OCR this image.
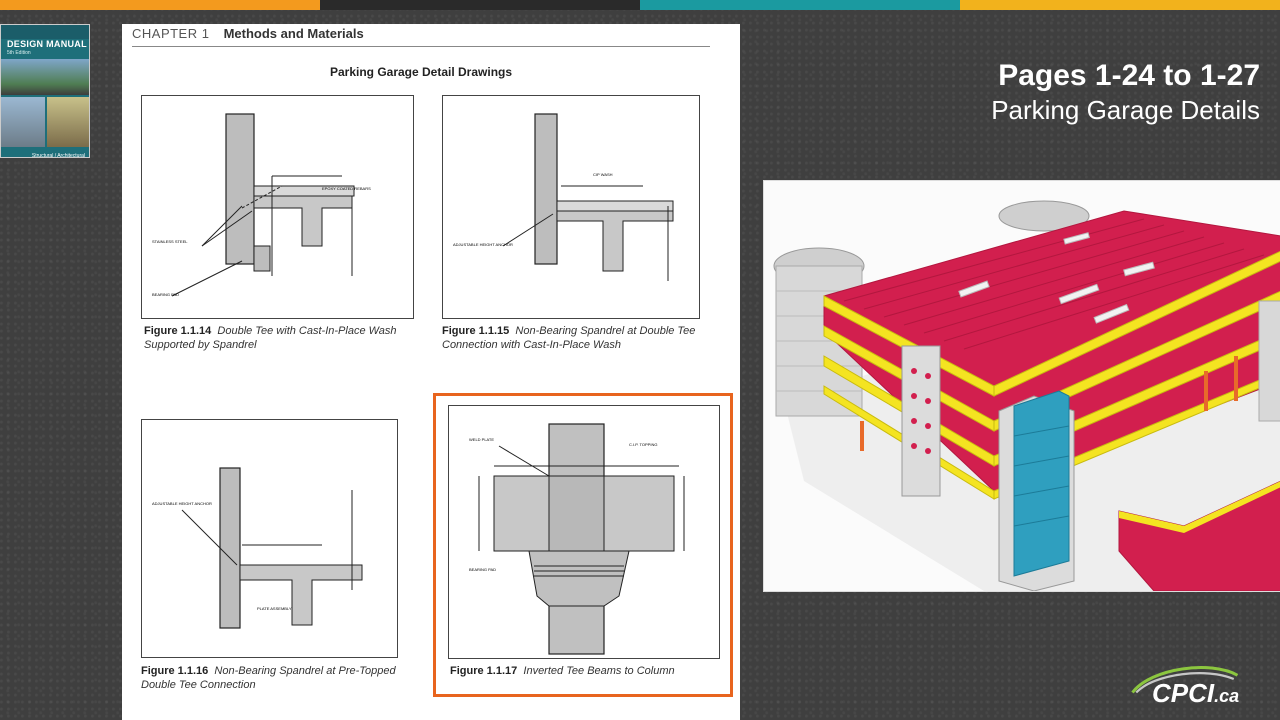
DESIGN MANUAL
5th Edition
Structural / Architectural
CHAPTER 1 Methods and Materials
Parking Garage Detail Drawings
STAINLESS STEEL
BEARING PAD
EPOXY COATED REBARS
Figure 1.1.14 Double Tee with Cast-In-Place Wash Supported by Spandrel
ADJUSTABLE HEIGHT ANCHOR
CIP WASH
Figure 1.1.15 Non-Bearing Spandrel at Double Tee Connection with Cast-In-Place Wash
ADJUSTABLE HEIGHT ANCHOR
PLATE ASSEMBLY
Figure 1.1.16 Non-Bearing Spandrel at Pre-Topped Double Tee Connection
WELD PLATE
C.I.P. TOPPING
BEARING PAD
Figure 1.1.17 Inverted Tee Beams to Column
Pages 1-24 to 1-27
Parking Garage Details
CPCI.ca
